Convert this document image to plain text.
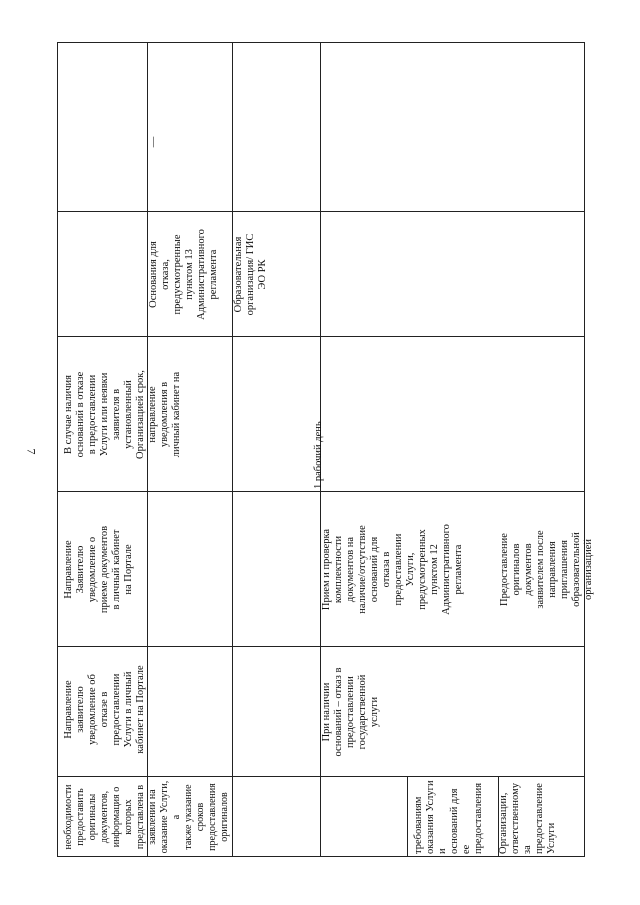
7
Организации,
ответственному за
предоставление
Услуги
требованиям
оказания Услуги и
оснований для ее
предоставления
необходимости
предоставить
оригиналы
документов,
информация о
которых
представлена в
заявлении на
оказание Услуги, а
также указание
сроков
предоставления
оригиналов
При наличии
оснований – отказ в
предоставлении
государственной
услуги
Основания для
отказа,
предусмотренные
пунктом 13
Административного
регламента
Направление
заявителю
уведомление об
отказе в
предоставлении
Услуги в личный
кабинет на Портале
Предоставление
оригиналов
документов
заявителем после
направления
приглашения
образовательной
организацией
Прием и проверка
комплектности
документов на
наличие/отсутствие
оснований для
отказа в
предоставлении
Услуги,
предусмотренных
пунктом 12
Административного
регламента
1 рабочий день
Образовательная
организация/ ГИС
ЭО РК
—
Направление
Заявителю
уведомление о
приеме документов
в личный кабинет
на Портале
В случае наличия
оснований в отказе
в предоставлении
Услуги или неявки
заявителя в
установленный
Организацией срок,
направление
уведомления в
личный кабинет на
